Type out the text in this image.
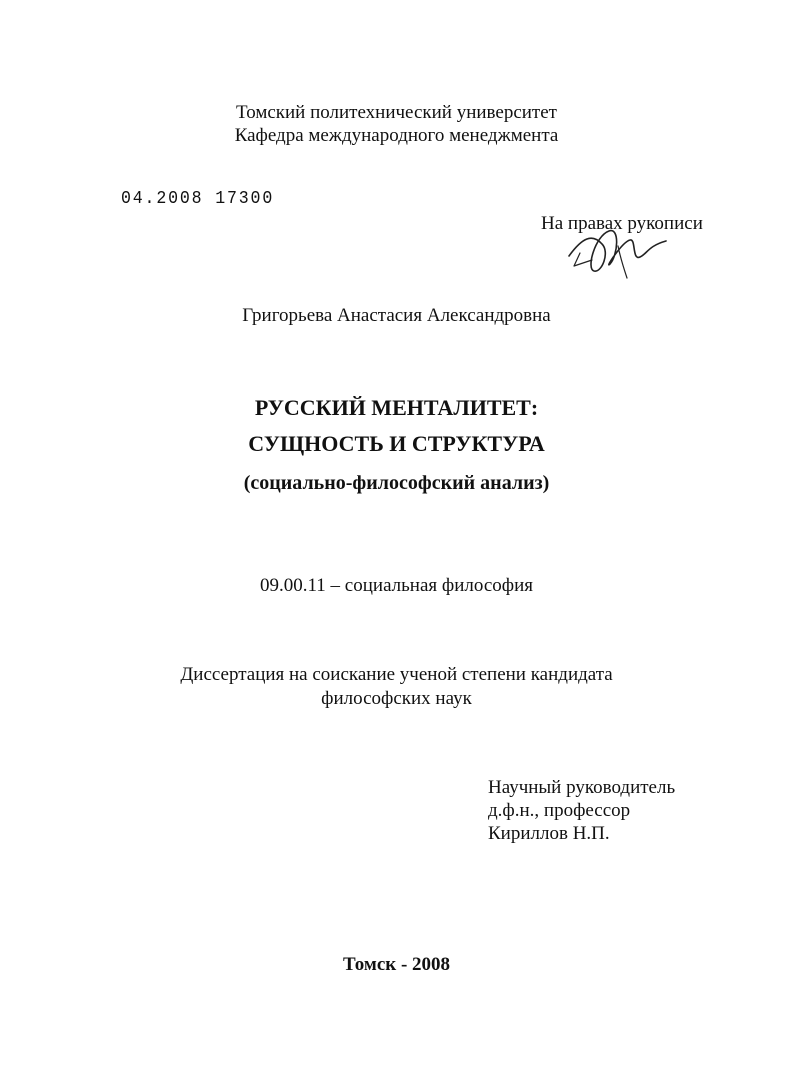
Томский политехнический университет
Кафедра международного менеджмента
04.2008 17300
На правах рукописи
Григорьева Анастасия Александровна
РУССКИЙ МЕНТАЛИТЕТ:
СУЩНОСТЬ И СТРУКТУРА
(социально-философский анализ)
09.00.11 – социальная философия
Диссертация на соискание ученой степени кандидата
философских наук
Научный руководитель
д.ф.н., профессор
Кириллов Н.П.
Томск - 2008
